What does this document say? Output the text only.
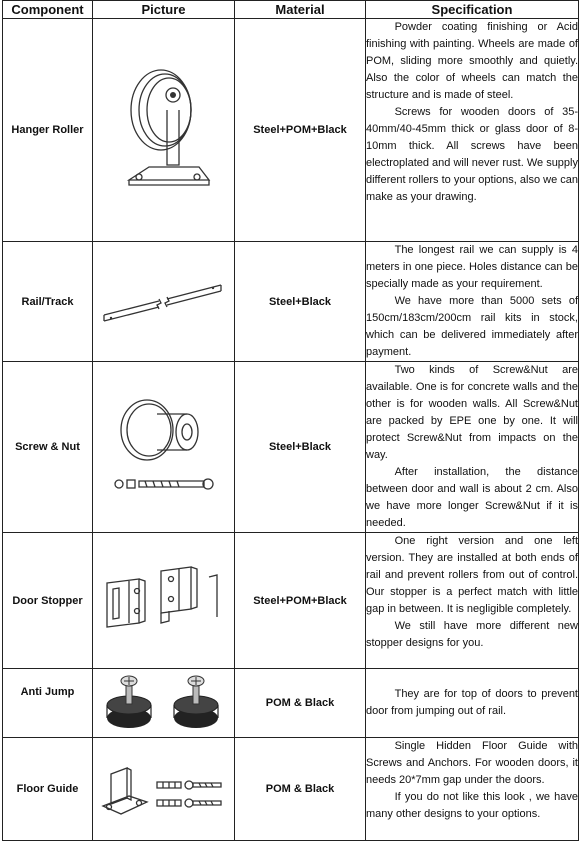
Component	Picture	Material	Specification
Hanger Roller		Steel+POM+Black	Powder coating finishing or Acid finishing with painting. Wheels are made of POM, sliding more smoothly and quietly. Also the color of wheels can match the structure and is made of steel.

Screws for wooden doors of 35-40mm/40-45mm thick or glass door of 8-10mm thick. All screws have been electroplated and will never rust. We supply different rollers to your options, also we can make as your drawing.

Rail/Track		Steel+Black	The longest rail we can supply is 4 meters in one piece. Holes distance can be specially made as your requirement.

We have more than 5000 sets of 150cm/183cm/200cm rail kits in stock, which can be delivered immediately after payment.

Screw & Nut		Steel+Black	Two kinds of Screw&Nut are available. One is for concrete walls and the other is for wooden walls. All Screw&Nut are packed by EPE one by one. It will protect Screw&Nut from impacts on the way.

After installation, the distance between door and wall is about 2 cm. Also we have more longer Screw&Nut if it is needed.

Door Stopper		Steel+POM+Black	One right version and one left version. They are installed at both ends of rail and prevent rollers from out of control. Our stopper is a perfect match with little gap in between. It is negligible completely.

We still have more different new stopper designs for you.

Anti Jump		POM & Black	They are for top of doors to prevent door from jumping out of rail.

Floor Guide		POM & Black	Single Hidden Floor Guide with Screws and Anchors. For wooden doors, it needs 20*7mm gap under the doors.

If you do not like this look , we have many other designs to your options.
